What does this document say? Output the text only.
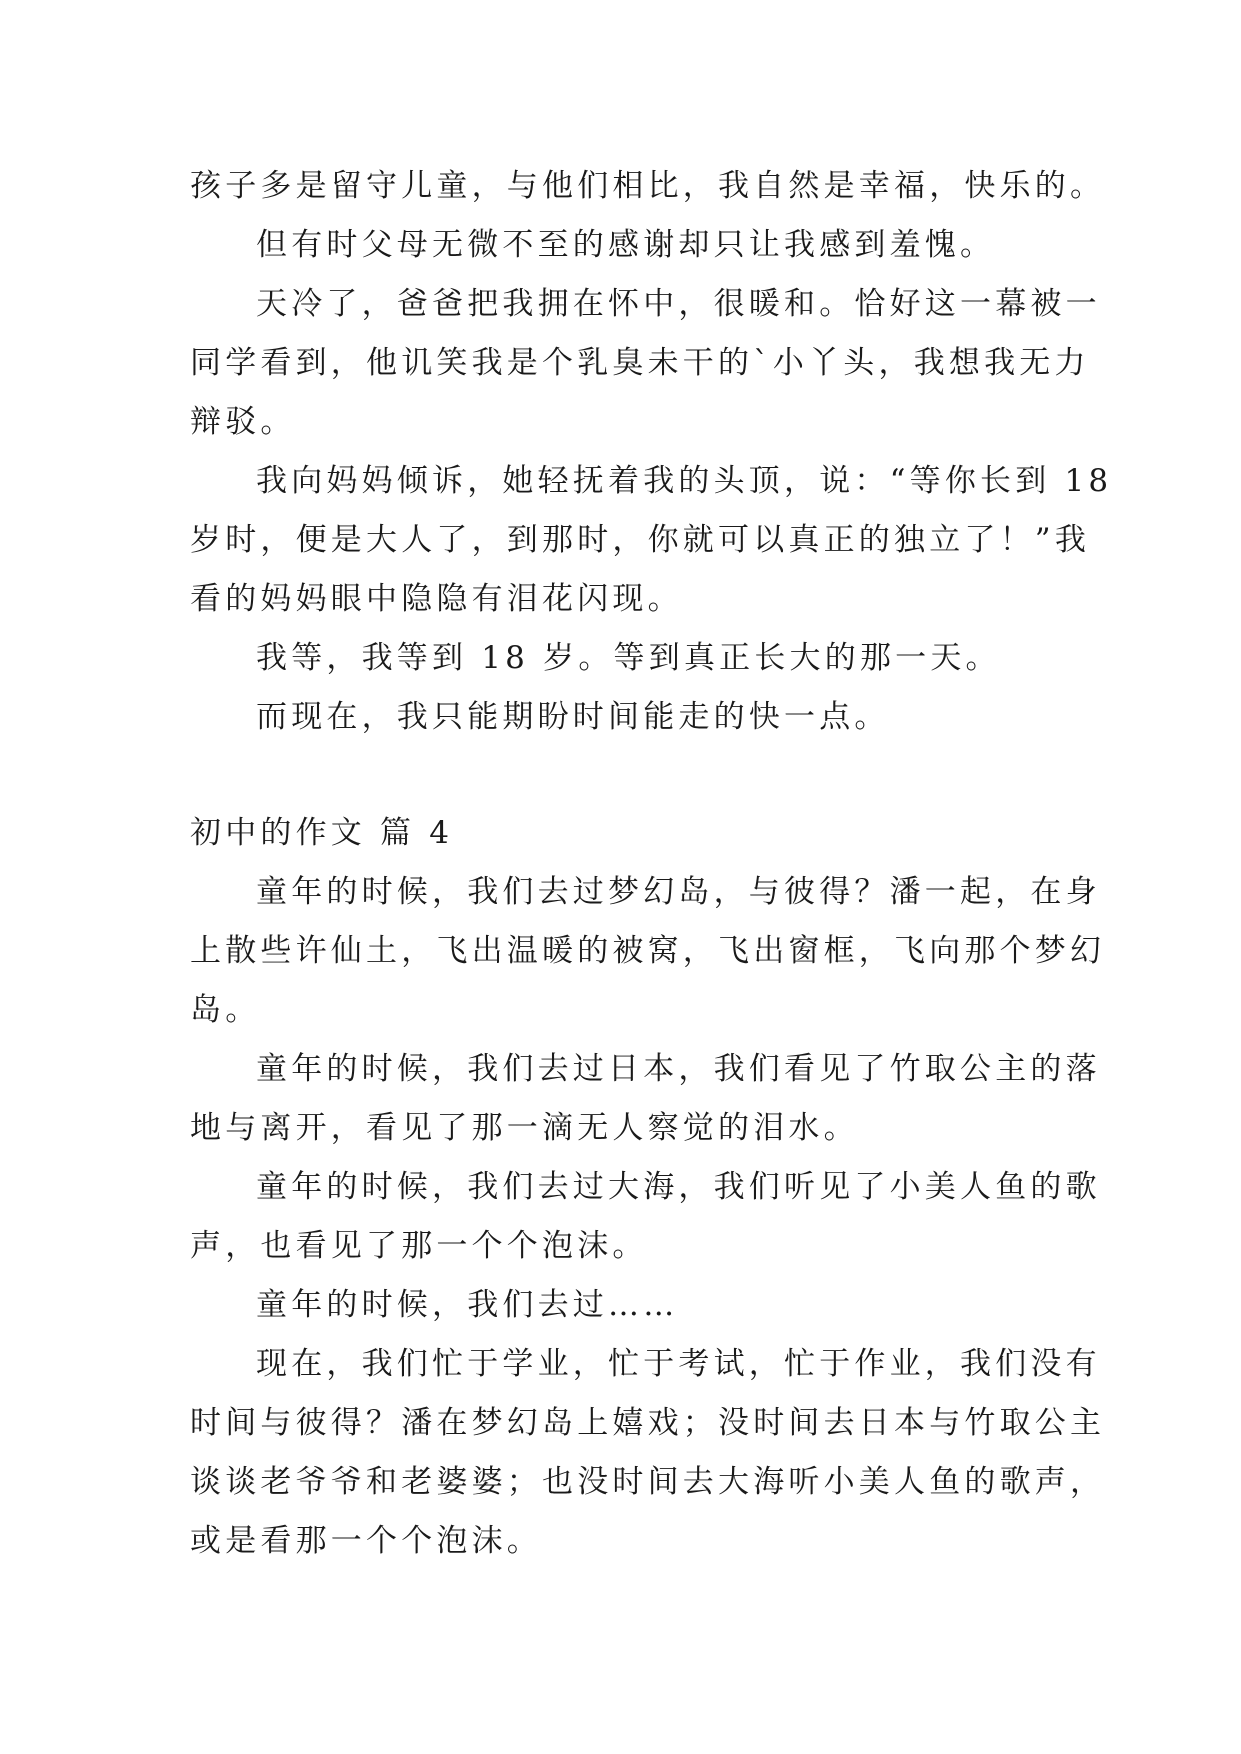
孩子多是留守儿童，与他们相比，我自然是幸福，快乐的。
但有时父母无微不至的感谢却只让我感到羞愧。
天冷了，爸爸把我拥在怀中，很暖和。恰好这一幕被一
同学看到，他讥笑我是个乳臭未干的`小丫头，我想我无力
辩驳。
我向妈妈倾诉，她轻抚着我的头顶，说：“等你长到 18
岁时，便是大人了，到那时，你就可以真正的独立了！”我
看的妈妈眼中隐隐有泪花闪现。
我等，我等到 18 岁。等到真正长大的那一天。
而现在，我只能期盼时间能走的快一点。
初中的作文 篇 4
童年的时候，我们去过梦幻岛，与彼得？潘一起，在身
上散些许仙土，飞出温暖的被窝，飞出窗框，飞向那个梦幻
岛。
童年的时候，我们去过日本，我们看见了竹取公主的落
地与离开，看见了那一滴无人察觉的泪水。
童年的时候，我们去过大海，我们听见了小美人鱼的歌
声，也看见了那一个个泡沫。
童年的时候，我们去过……
现在，我们忙于学业，忙于考试，忙于作业，我们没有
时间与彼得？潘在梦幻岛上嬉戏；没时间去日本与竹取公主
谈谈老爷爷和老婆婆；也没时间去大海听小美人鱼的歌声，
或是看那一个个泡沫。
